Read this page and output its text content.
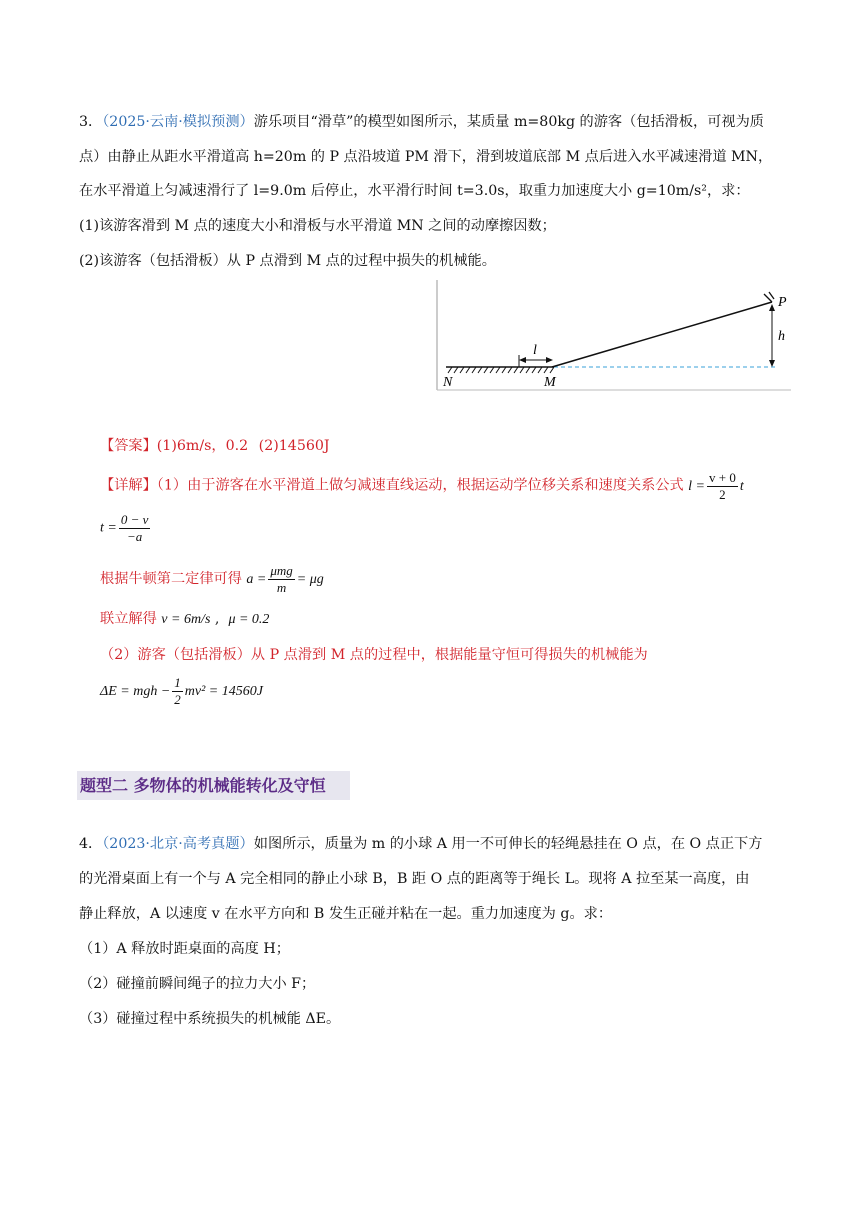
3．（2025·云南·模拟预测）游乐项目“滑草”的模型如图所示，某质量 m=80kg 的游客（包括滑板，可视为质
点）由静止从距水平滑道高 h=20m 的 P 点沿坡道 PM 滑下，滑到坡道底部 M 点后进入水平减速滑道 MN，
在水平滑道上匀减速滑行了 l=9.0m 后停止，水平滑行时间 t=3.0s，取重力加速度大小 g=10m/s²，求：
(1)该游客滑到 M 点的速度大小和滑板与水平滑道 MN 之间的动摩擦因数；
(2)该游客（包括滑板）从 P 点滑到 M 点的过程中损失的机械能。
P
h
l
N	M
【答案】(1)6m/s，0.2 (2)14560J
【详解】（1）由于游客在水平滑道上做匀减速直线运动，根据运动学位移关系和速度关系公式 $l = \frac{v + 0}{2}$ t
$t = \frac{0 - v}{-a}$
根据牛顿第二定律可得 $a = \frac{\text{μmg}}{m} = \mu g$
联立解得 v = 6m/s ,  μ = 0.2
（2）游客（包括滑板）从 P 点滑到 M 点的过程中，根据能量守恒可得损失的机械能为
ΔE = mgh − $\frac{1}{2} mv^2 = 14560J$
题型二 多物体的机械能转化及守恒
4．（2023·北京·高考真题）如图所示，质量为 m 的小球 A 用一不可伸长的轻绳悬挂在 O 点，在 O 点正下方
的光滑桌面上有一个与 A 完全相同的静止小球 B，B 距 O 点的距离等于绳长 L。现将 A 拉至某一高度，由
静止释放，A 以速度 v 在水平方向和 B 发生正碰并粘在一起。重力加速度为 g。求：
（1）A 释放时距桌面的高度 H；
（2）碰撞前瞬间绳子的拉力大小 F；
（3）碰撞过程中系统损失的机械能 ΔE。
